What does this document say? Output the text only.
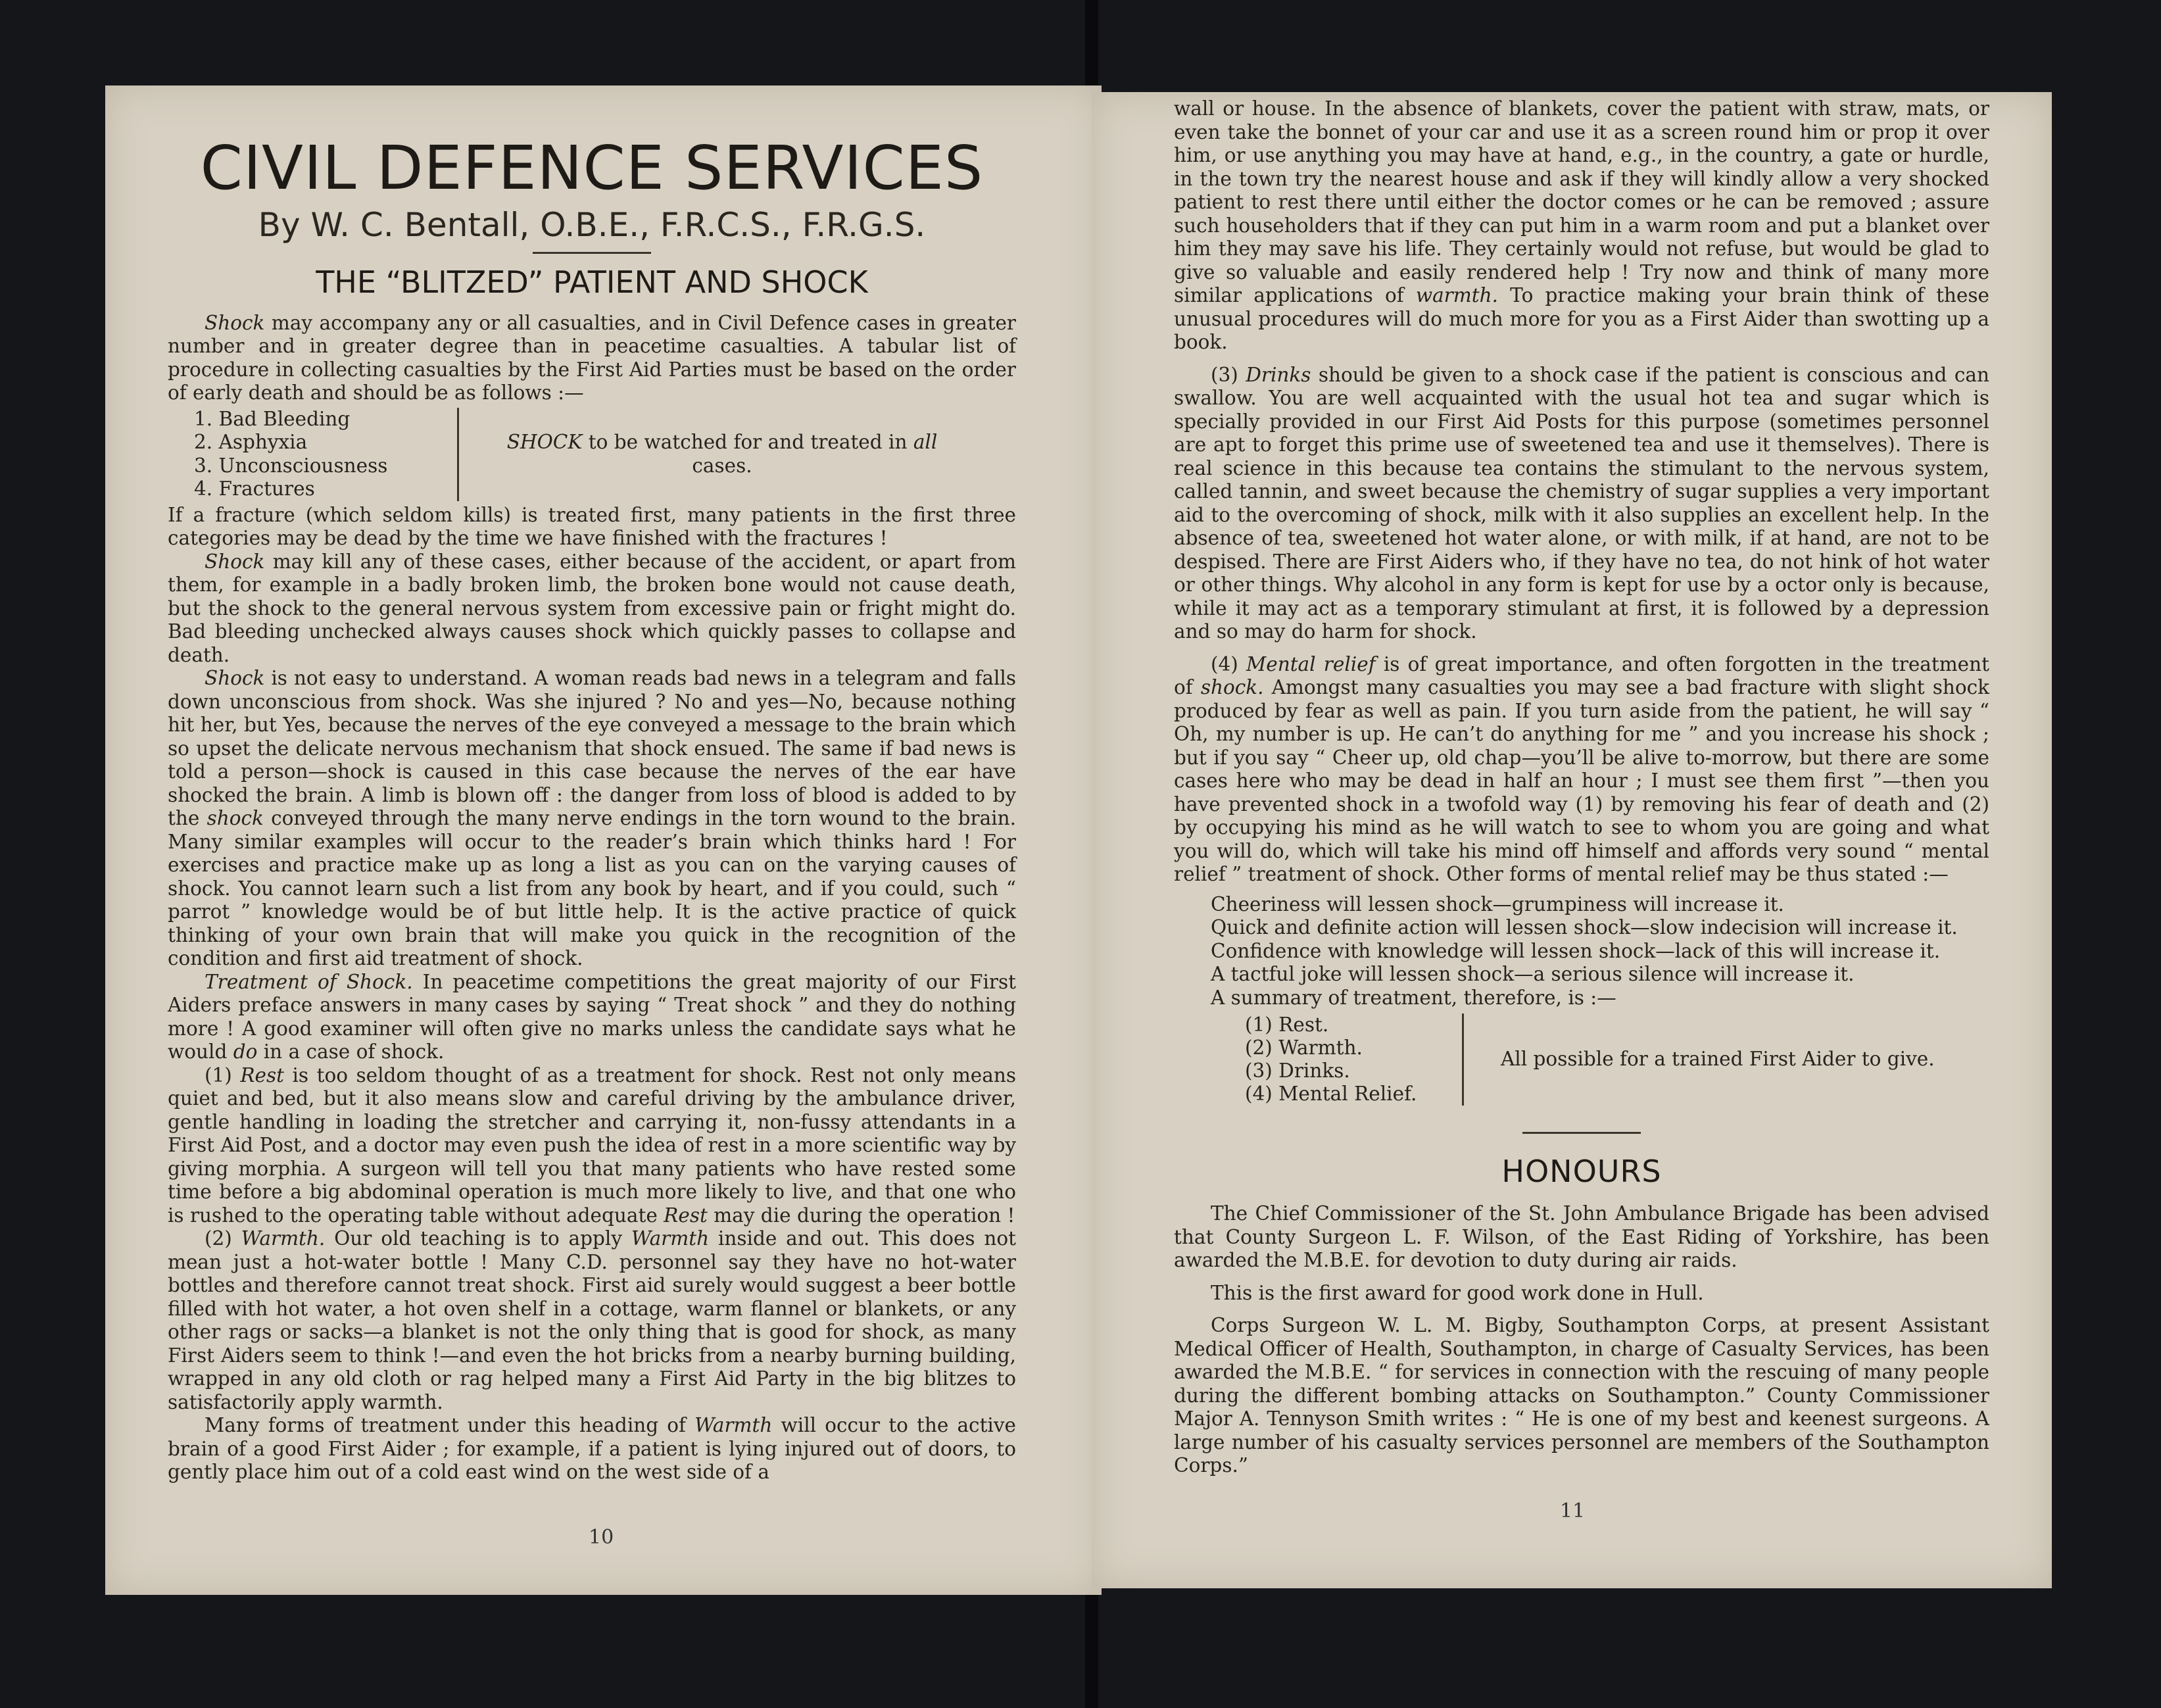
CIVIL DEFENCE SERVICES
By W. C. Bentall, O.B.E., F.R.C.S., F.R.G.S.
THE “BLITZED” PATIENT AND SHOCK

Shock may accompany any or all casualties, and in Civil Defence cases in greater number and in greater degree than in peacetime casualties. A tabular list of procedure in collecting casualties by the First Aid Parties must be based on the order of early death and should be as follows :—

1. Bad Bleeding
2. Asphyxia
3. Unconsciousness
4. Fractures
SHOCK to be watched for and treated in all cases.

If a fracture (which seldom kills) is treated first, many patients in the first three categories may be dead by the time we have finished with the fractures !

Shock may kill any of these cases, either because of the accident, or apart from them, for example in a badly broken limb, the broken bone would not cause death, but the shock to the general nervous system from excessive pain or fright might do. Bad bleeding unchecked always causes shock which quickly passes to collapse and death.

Shock is not easy to understand. A woman reads bad news in a telegram and falls down unconscious from shock. Was she injured ? No and yes—No, because nothing hit her, but Yes, because the nerves of the eye conveyed a message to the brain which so upset the delicate nervous mechanism that shock ensued. The same if bad news is told a person—shock is caused in this case because the nerves of the ear have shocked the brain. A limb is blown off : the danger from loss of blood is added to by the shock conveyed through the many nerve endings in the torn wound to the brain. Many similar examples will occur to the reader’s brain which thinks hard ! For exercises and practice make up as long a list as you can on the varying causes of shock. You cannot learn such a list from any book by heart, and if you could, such “ parrot ” knowledge would be of but little help. It is the active practice of quick thinking of your own brain that will make you quick in the recognition of the condition and first aid treatment of shock.

Treatment of Shock. In peacetime competitions the great majority of our First Aiders preface answers in many cases by saying “ Treat shock ” and they do nothing more ! A good examiner will often give no marks unless the candidate says what he would do in a case of shock.

(1) Rest is too seldom thought of as a treatment for shock. Rest not only means quiet and bed, but it also means slow and careful driving by the ambulance driver, gentle handling in loading the stretcher and carrying it, non-fussy attendants in a First Aid Post, and a doctor may even push the idea of rest in a more scientific way by giving morphia. A surgeon will tell you that many patients who have rested some time before a big abdominal operation is much more likely to live, and that one who is rushed to the operating table without adequate Rest may die during the operation !

(2) Warmth. Our old teaching is to apply Warmth inside and out. This does not mean just a hot-water bottle ! Many C.D. personnel say they have no hot-water bottles and therefore cannot treat shock. First aid surely would suggest a beer bottle filled with hot water, a hot oven shelf in a cottage, warm flannel or blankets, or any other rags or sacks—a blanket is not the only thing that is good for shock, as many First Aiders seem to think !—and even the hot bricks from a nearby burning building, wrapped in any old cloth or rag helped many a First Aid Party in the big blitzes to satisfactorily apply warmth.

Many forms of treatment under this heading of Warmth will occur to the active brain of a good First Aider ; for example, if a patient is lying injured out of doors, to gently place him out of a cold east wind on the west side of a

10

wall or house. In the absence of blankets, cover the patient with straw, mats, or even take the bonnet of your car and use it as a screen round him or prop it over him, or use anything you may have at hand, e.g., in the country, a gate or hurdle, in the town try the nearest house and ask if they will kindly allow a very shocked patient to rest there until either the doctor comes or he can be removed ; assure such householders that if they can put him in a warm room and put a blanket over him they may save his life. They certainly would not refuse, but would be glad to give so valuable and easily rendered help ! Try now and think of many more similar applications of warmth. To practice making your brain think of these unusual procedures will do much more for you as a First Aider than swotting up a book.

(3) Drinks should be given to a shock case if the patient is conscious and can swallow. You are well acquainted with the usual hot tea and sugar which is specially provided in our First Aid Posts for this purpose (sometimes personnel are apt to forget this prime use of sweetened tea and use it themselves). There is real science in this because tea contains the stimulant to the nervous system, called tannin, and sweet because the chemistry of sugar supplies a very important aid to the overcoming of shock, milk with it also supplies an excellent help. In the absence of tea, sweetened hot water alone, or with milk, if at hand, are not to be despised. There are First Aiders who, if they have no tea, do not hink of hot water or other things. Why alcohol in any form is kept for use by a octor only is because, while it may act as a temporary stimulant at first, it is followed by a depression and so may do harm for shock.

(4) Mental relief is of great importance, and often forgotten in the treatment of shock. Amongst many casualties you may see a bad fracture with slight shock produced by fear as well as pain. If you turn aside from the patient, he will say “ Oh, my number is up. He can’t do anything for me ” and you increase his shock ; but if you say “ Cheer up, old chap—you’ll be alive to-morrow, but there are some cases here who may be dead in half an hour ; I must see them first ”—then you have prevented shock in a twofold way (1) by removing his fear of death and (2) by occupying his mind as he will watch to see to whom you are going and what you will do, which will take his mind off himself and affords very sound “ mental relief ” treatment of shock. Other forms of mental relief may be thus stated :—

Cheeriness will lessen shock—grumpiness will increase it.

Quick and definite action will lessen shock—slow indecision will increase it.

Confidence with knowledge will lessen shock—lack of this will increase it.

A tactful joke will lessen shock—a serious silence will increase it.

A summary of treatment, therefore, is :—

(1) Rest.
(2) Warmth.
(3) Drinks.
(4) Mental Relief.
All possible for a trained First Aider to give.
HONOURS

The Chief Commissioner of the St. John Ambulance Brigade has been advised that County Surgeon L. F. Wilson, of the East Riding of Yorkshire, has been awarded the M.B.E. for devotion to duty during air raids.

This is the first award for good work done in Hull.

Corps Surgeon W. L. M. Bigby, Southampton Corps, at present Assistant Medical Officer of Health, Southampton, in charge of Casualty Services, has been awarded the M.B.E. “ for services in connection with the rescuing of many people during the different bombing attacks on Southampton.” County Commissioner Major A. Tennyson Smith writes : “ He is one of my best and keenest surgeons. A large number of his casualty services personnel are members of the Southampton Corps.”

11
